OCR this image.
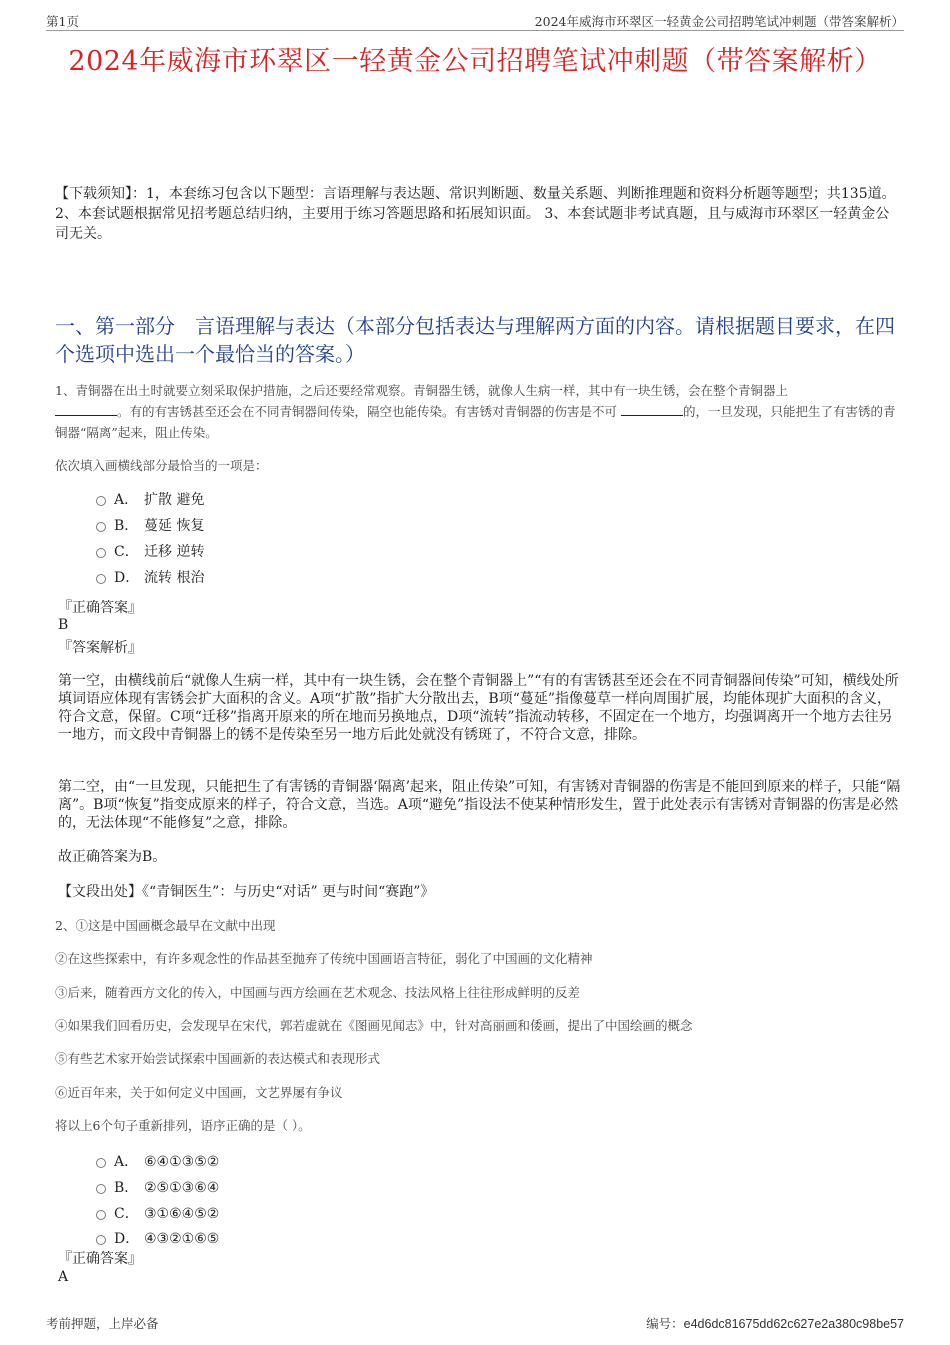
第1页	2024年威海市环翠区一轻黄金公司招聘笔试冲刺题（带答案解析）
2024年威海市环翠区一轻黄金公司招聘笔试冲刺题（带答案解析）
【下载须知】：1，本套练习包含以下题型：言语理解与表达题、常识判断题、数量关系题、判断推理题和资料分析题等题型；共135道。 2、本套试题根据常见招考题总结归纳，主要用于练习答题思路和拓展知识面。 3、本套试题非考试真题，且与威海市环翠区一轻黄金公司无关。
一、第一部分　言语理解与表达（本部分包括表达与理解两方面的内容。请根据题目要求，在四个选项中选出一个最恰当的答案。）
1、青铜器在出土时就要立刻采取保护措施，之后还要经常观察。青铜器生锈，就像人生病一样，其中有一块生锈，会在整个青铜器上
。有的有害锈甚至还会在不同青铜器间传染，隔空也能传染。有害锈对青铜器的伤害是不可	的，一旦发现，只能把生了有害锈的青铜器“隔离”起来，阻止传染。
依次填入画横线部分最恰当的一项是：
A． 扩散 避免
B． 蔓延 恢复
C． 迁移 逆转
D． 流转 根治
『正确答案』
B
『答案解析』
第一空，由横线前后“就像人生病一样，其中有一块生锈，会在整个青铜器上”“有的有害锈甚至还会在不同青铜器间传染”可知，横线处所填词语应体现有害锈会扩大面积的含义。A项“扩散”指扩大分散出去，B项“蔓延”指像蔓草一样向周围扩展，均能体现扩大面积的含义，符合文意，保留。C项“迁移”指离开原来的所在地而另换地点，D项“流转”指流动转移，不固定在一个地方，均强调离开一个地方去往另一地方，而文段中青铜器上的锈不是传染至另一地方后此处就没有锈斑了，不符合文意，排除。
第二空，由“一旦发现，只能把生了有害锈的青铜器‘隔离’起来，阻止传染”可知，有害锈对青铜器的伤害是不能回到原来的样子，只能“隔离”。B项“恢复”指变成原来的样子，符合文意，当选。A项“避免”指设法不使某种情形发生，置于此处表示有害锈对青铜器的伤害是必然的，无法体现“不能修复”之意，排除。
故正确答案为B。
【文段出处】《“青铜医生”：与历史“对话” 更与时间“赛跑”》
2、①这是中国画概念最早在文献中出现
②在这些探索中，有许多观念性的作品甚至抛弃了传统中国画语言特征，弱化了中国画的文化精神
③后来，随着西方文化的传入，中国画与西方绘画在艺术观念、技法风格上往往形成鲜明的反差
④如果我们回看历史，会发现早在宋代，郭若虚就在《图画见闻志》中，针对高丽画和倭画，提出了中国绘画的概念
⑤有些艺术家开始尝试探索中国画新的表达模式和表现形式
⑥近百年来，关于如何定义中国画，文艺界屡有争议
将以上6个句子重新排列，语序正确的是（ ）。
A． ⑥④①③⑤②
B． ②⑤①③⑥④
C． ③①⑥④⑤②
D． ④③②①⑥⑤
『正确答案』
A
考前押题，上岸必备	编号：e4d6dc81675dd62c627e2a380c98be57
